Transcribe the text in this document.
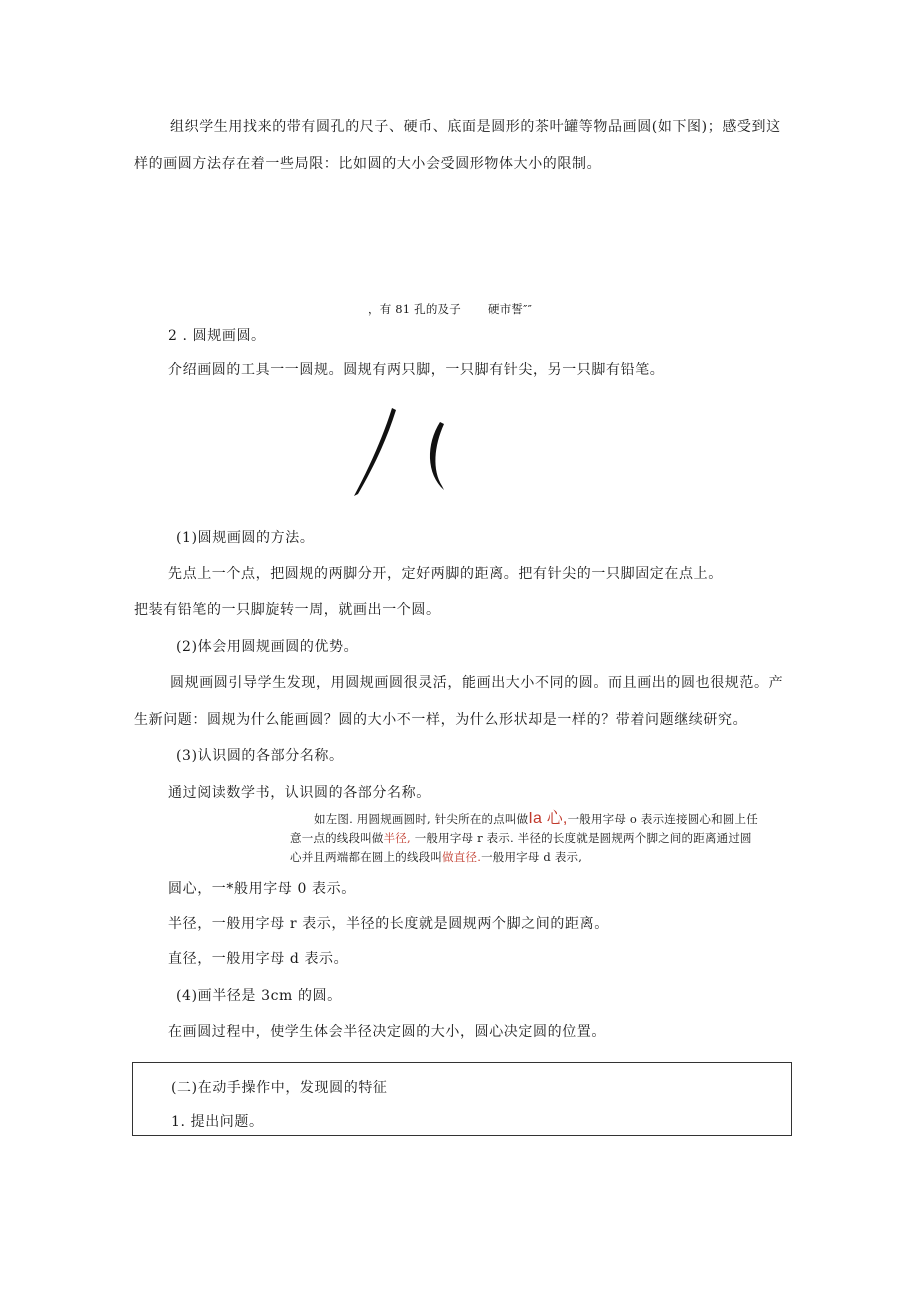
组织学生用找来的带有圆孔的尺子、硬币、底面是圆形的茶叶罐等物品画圆(如下图)；感受到这
样的画圆方法存在着一些局限：比如圆的大小会受圆形物体大小的限制。
，有 81 孔的及子 硬市誓″″
2 . 圆规画圆。
介绍画圆的工具一一圆规。圆规有两只脚，一只脚有针尖，另一只脚有铅笔。
(1)圆规画圆的方法。
先点上一个点，把圆规的两脚分开，定好两脚的距离。把有针尖的一只脚固定在点上。
把装有铅笔的一只脚旋转一周，就画出一个圆。
(2)体会用圆规画圆的优势。
圆规画圆引导学生发现，用圆规画圆很灵活，能画出大小不同的圆。而且画出的圆也很规范。产
生新问题：圆规为什么能画圆？圆的大小不一样，为什么形状却是一样的？带着问题继续研究。
(3)认识圆的各部分名称。
通过阅读数学书，认识圆的各部分名称。
如左图. 用圆规画圆时, 针尖所在的点叫做Ia 心,一般用字母 o 表示连接圆心和圆上任
意一点的线段叫做半径, 一般用字母 r 表示. 半径的长度就是圆规两个脚之间的距离通过圆
心并且两端都在圆上的线段叫做直径.一般用字母 d 表示,
圆心，一*般用字母 0 表示。
半径，一般用字母 r 表示，半径的长度就是圆规两个脚之间的距离。
直径，一般用字母 d 表示。
(4)画半径是 3cm 的圆。
在画圆过程中，使学生体会半径决定圆的大小，圆心决定圆的位置。
(二)在动手操作中，发现圆的特征
1. 提出问题。
